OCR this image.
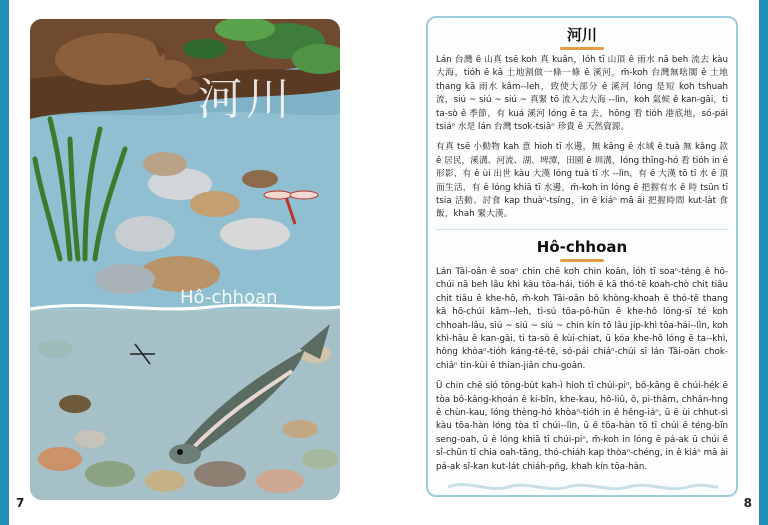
河川
Hô-chhoan
7
河川

Lán 台灣 ê 山真 tsē koh 真 kuân，lóh tī 山頂 ê 雨水 nā beh 流去 kàu 大海，tióh ē kā 土地割做一條一條 ê 溪河，m̄-koh 台灣無啥闊 ê 土地 thang kā 雨水 kâm--leh，致使大部分 ê 溪河 lóng 是短 koh tshuah 流，siú ~ siú ~ siú ~ 真緊 tō 流入去大海 --lìn，koh 氣候 ê kan-gāi，ti ta-sò ê 季節，有 kuá 溪河 lóng ē ta 去，hōng 看 tióh 港底地，só-pái tsiáⁿ 水是 lán 台灣 tsok-tsiâⁿ 珍貴 ê 天然資源。

有真 tsē 小動物 kah 意 hioh tī 水邊，無 kâng ê 水域 ê tuà 無 kâng 款 ê 居民，溪溝、河流、湖、埤潭，田園 ê 圳溝，lóng thīng-hó 看 tióh in ê 形影，有 ê ùi 出世 kàu 大漢 lóng tuà tī 水 --lìn，有 ê 大漢 tō tī 水 ê 頂面生活，有 ê lóng khiā tī 水邊，m̄-koh in lóng ē 把握有水 ê 時 tsūn tī tsia 活動、討食 kap thuàⁿ-tsíng，in ê kiáⁿ mā āi 把握時間 kut-làt 食飯，khah 緊大漢。

Hô-chhoan

Lán Tâi-oân ê soaⁿ chin chē koh chin koân, lóh tī soaⁿ-téng ê hō-chúi nā beh lâu khì kàu tōa-hái, tióh ē kā thó-tē koah-chò chit tiâu chit tiâu ê khe-hô, m̄-koh Tâi-oân bô khòng-khoah ê thó-tē thang kā hō-chúi kâm--leh, tì-sú tōa-pō-hūn ê khe-hô lóng-sī té koh chhoah-lâu, siú ~ siú ~ siú ~ chin kín tō lâu jip-khì tōa-hái--lìn, koh khì-hāu ê kan-gāi, ti ta-sò ê kùi-chiat, ū kóa khe-hô lóng ē ta--khì, hông khòaⁿ-tióh káng-té-tē, só-pái chiáⁿ-chúi sī lán Tâi-oân chok-chiâⁿ tin-kùi ê thian-jiân chu-goân.

Ū chin chē sió tōng-bùt kah-ì hioh tī chúi-piⁿ, bô-kâng ê chúi-hék ē tòa bô-kâng-khoán ê ki-bîn, khe-kau, hô-liû, ô, pi-thâm, chhân-hng ê chùn-kau, lóng thèng-hó khòaⁿ-tióh in ê hêng-iáⁿ, ū ê ùi chhut-sì kàu tōa-hàn lóng tòa tī chúi--lìn, ū ê tōa-hàn tō tī chúi ê téng-bīn seng-oah, ū ê lóng khiā tī chúi-piⁿ, m̄-koh in lóng ē pá-ak ū chúi ê sî-chūn tī chia oah-tāng, thó-chiáh kap thòaⁿ-chéng, in ê kiáⁿ mā ài pá-ak sî-kan kut-lát chiáh-pn̄g, khah kín tōa-hàn.

8
